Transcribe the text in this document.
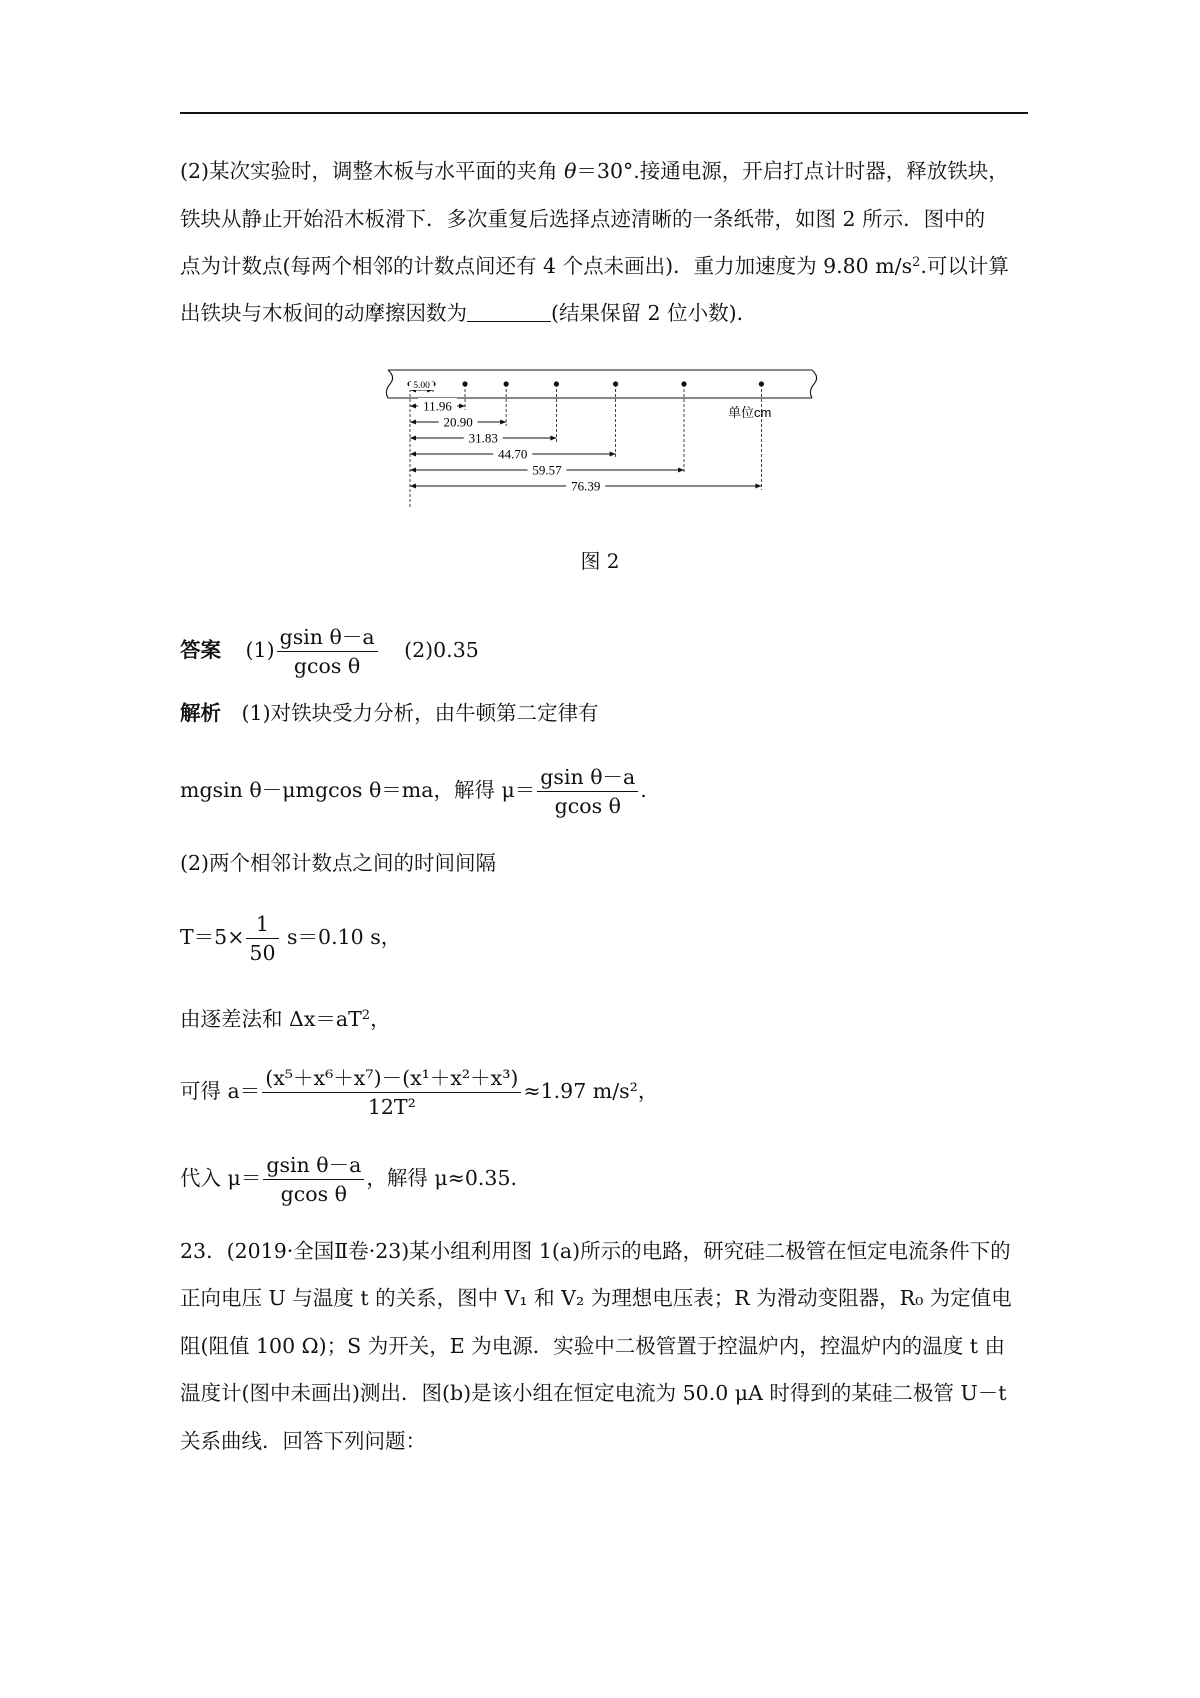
(2)某次实验时，调整木板与水平面的夹角 θ＝30°.接通电源，开启打点计时器，释放铁块，
铁块从静止开始沿木板滑下．多次重复后选择点迹清晰的一条纸带，如图 2 所示．图中的
点为计数点(每两个相邻的计数点间还有 4 个点未画出)．重力加速度为 9.80 $m/s^2$.可以计算
出铁块与木板间的动摩擦因数为	(结果保留 2 位小数)．
5.00
11.96
20.90
31.83
44.70
59.57
76.39
单位cm
图 2
答案 $(1) \frac{\text{gsin θ－a}}{\text{gcos θ}} (2)0.35$
解析 (1)对铁块受力分析，由牛顿第二定律有
mgsin θ－μmgcos θ＝ma，解得 $\mu= \frac{\text{gsin θ－a}}{\text{gcos θ}}$ .
(2)两个相邻计数点之间的时间间隔
$T=5\times \frac{1}{50} s=0.10$ s，
由逐差法和 $\Delta x=aT^2$，
可得 $a= \frac{\text{(x⁵＋x⁶＋x⁷)－(x¹＋x²＋x³)}}{\text{12T²}} \approx 1.97$ m/s²，
代入 $\mu= \frac{\text{gsin θ－a}}{\text{gcos θ}}$ ，解得 μ≈0.35.
23．(2019·全国Ⅱ卷·23)某小组利用图 1(a)所示的电路，研究硅二极管在恒定电流条件下的
正向电压 U 与温度 t 的关系，图中 V₁ 和 V₂ 为理想电压表；R 为滑动变阻器，R₀ 为定值电
阻(阻值 100 Ω)；S 为开关，E 为电源．实验中二极管置于控温炉内，控温炉内的温度 t 由
温度计(图中未画出)测出．图(b)是该小组在恒定电流为 50.0 μA 时得到的某硅二极管 U－t
关系曲线．回答下列问题：
